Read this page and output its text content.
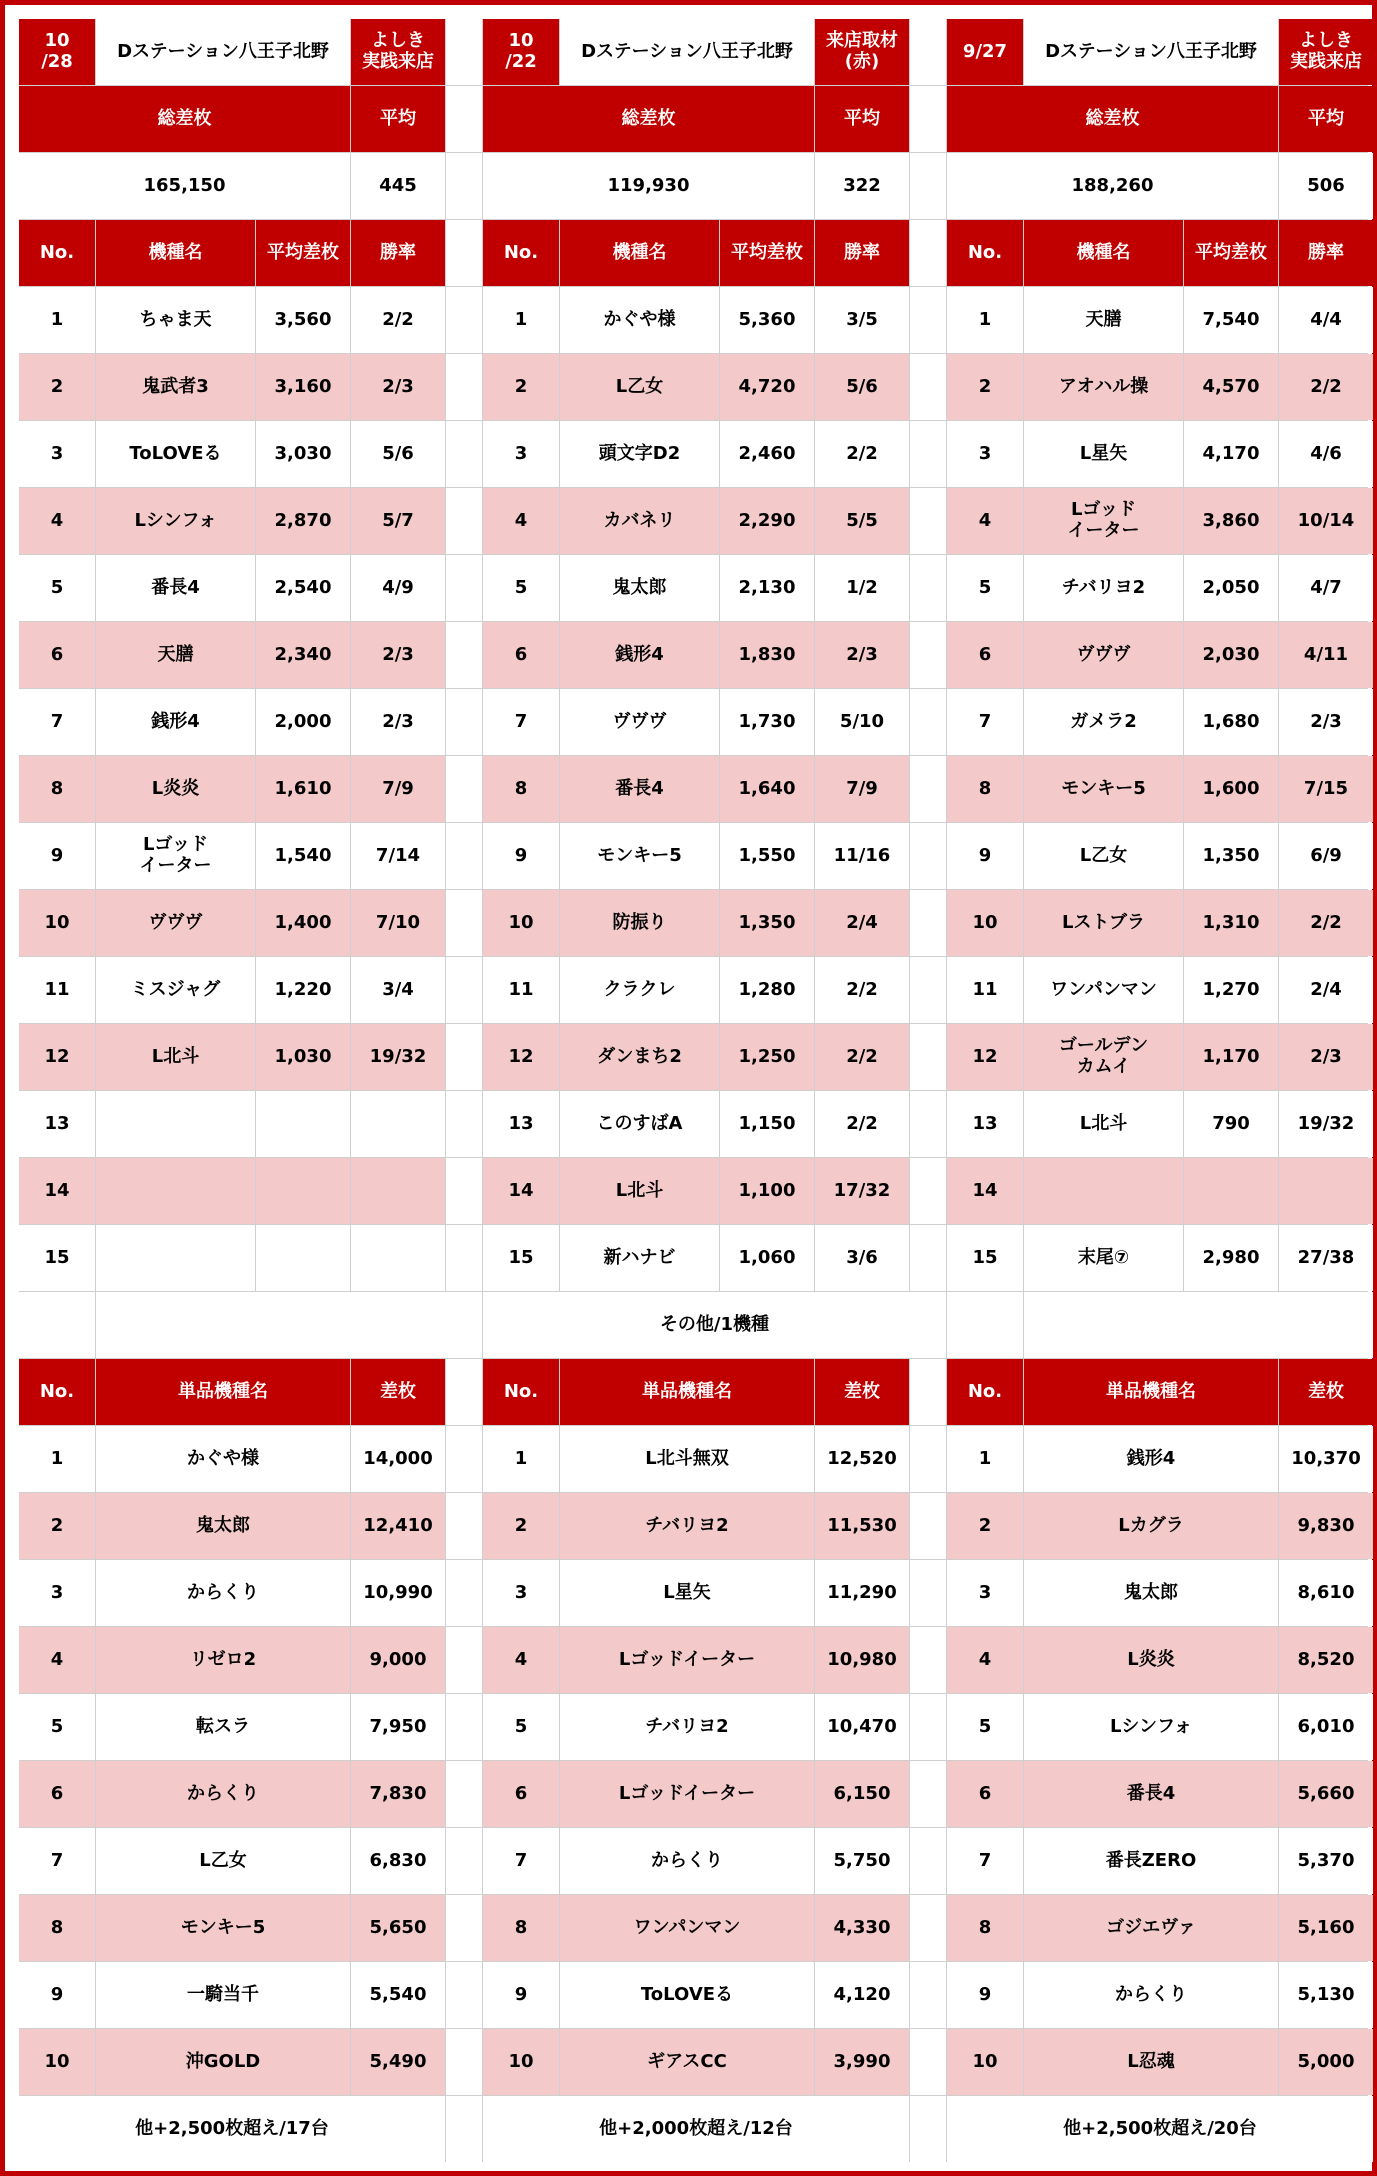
10
/28	Dステーション八王子北野	よしき
実践来店
総差枚	平均
165,150	445
No.	機種名	平均差枚	勝率
1	ちゃま天	3,560	2/2
2	鬼武者3	3,160	2/3
3	ToLOVEる	3,030	5/6
4	Lシンフォ	2,870	5/7
5	番長4	2,540	4/9
6	天膳	2,340	2/3
7	銭形4	2,000	2/3
8	L炎炎	1,610	7/9
9	Lゴッド
イーター	1,540	7/14
10	ヴヴヴ	1,400	7/10
11	ミスジャグ	1,220	3/4
12	L北斗	1,030	19/32
13
14
15
No.	単品機種名	差枚
1	かぐや様	14,000
2	鬼太郎	12,410
3	からくり	10,990
4	リゼロ2	9,000
5	転スラ	7,950
6	からくり	7,830
7	L乙女	6,830
8	モンキー5	5,650
9	一騎当千	5,540
10	沖GOLD	5,490
他+2,500枚超え/17台
10
/22	Dステーション八王子北野	来店取材
(赤)
総差枚	平均
119,930	322
No.	機種名	平均差枚	勝率
1	かぐや様	5,360	3/5
2	L乙女	4,720	5/6
3	頭文字D2	2,460	2/2
4	カバネリ	2,290	5/5
5	鬼太郎	2,130	1/2
6	銭形4	1,830	2/3
7	ヴヴヴ	1,730	5/10
8	番長4	1,640	7/9
9	モンキー5	1,550	11/16
10	防振り	1,350	2/4
11	クラクレ	1,280	2/2
12	ダンまち2	1,250	2/2
13	このすばA	1,150	2/2
14	L北斗	1,100	17/32
15	新ハナビ	1,060	3/6
No.	単品機種名	差枚
1	L北斗無双	12,520
2	チバリヨ2	11,530
3	L星矢	11,290
4	Lゴッドイーター	10,980
5	チバリヨ2	10,470
6	Lゴッドイーター	6,150
7	からくり	5,750
8	ワンパンマン	4,330
9	ToLOVEる	4,120
10	ギアスCC	3,990
他+2,000枚超え/12台
9/27	Dステーション八王子北野	よしき
実践来店
総差枚	平均
188,260	506
No.	機種名	平均差枚	勝率
1	天膳	7,540	4/4
2	アオハル操	4,570	2/2
3	L星矢	4,170	4/6
4	Lゴッド
イーター	3,860	10/14
5	チバリヨ2	2,050	4/7
6	ヴヴヴ	2,030	4/11
7	ガメラ2	1,680	2/3
8	モンキー5	1,600	7/15
9	L乙女	1,350	6/9
10	Lストブラ	1,310	2/2
11	ワンパンマン	1,270	2/4
12	ゴールデン
カムイ	1,170	2/3
13	L北斗	790	19/32
14
15	末尾⑦	2,980	27/38
No.	単品機種名	差枚
1	銭形4	10,370
2	Lカグラ	9,830
3	鬼太郎	8,610
4	L炎炎	8,520
5	Lシンフォ	6,010
6	番長4	5,660
7	番長ZERO	5,370
8	ゴジエヴァ	5,160
9	からくり	5,130
10	L忍魂	5,000
他+2,500枚超え/20台
その他/1機種
